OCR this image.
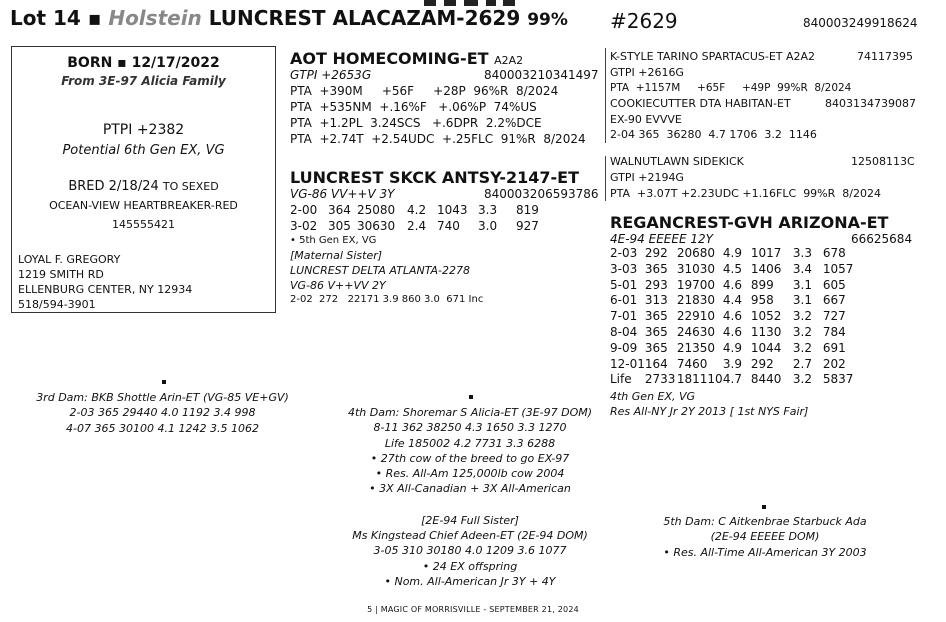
Lot 14 ▪ Holstein LUNCREST ALACAZAM-2629 99% #2629	840003249918624
BORN ▪ 12/17/2022
From 3E-97 Alicia Family
PTPI +2382
Potential 6th Gen EX, VG
BRED 2/18/24 TO SEXED
OCEAN-VIEW HEARTBREAKER-RED
145555421
LOYAL F. GREGORY
1219 SMITH RD
ELLENBURG CENTER, NY 12934
518/594-3901
AOT HOMECOMING-ET A2A2
GTPI +2653G	840003210341497
PTA  +390M     +56F     +28P  96%R  8/2024
PTA  +535NM  +.16%F   +.06%P  74%US
PTA  +1.2PL  3.24SCS   +.6DPR  2.2%DCE
PTA  +2.74T  +2.54UDC  +.25FLC  91%R  8/2024
LUNCREST SKCK ANTSY-2147-ET
VG-86 VV++V 3Y	840003206593786
2-00 364 25080 4.2 1043 3.3 819
3-02 305 30630 2.4 740 3.0 927
• 5th Gen EX, VG
[Maternal Sister]
LUNCREST DELTA ATLANTA-2278
VG-86 V++VV 2Y
2-02  272   22171 3.9 860 3.0  671 Inc
K-STYLE TARINO SPARTACUS-ET A2A2	74117395
GTPI +2616G
PTA  +1157M     +65F     +49P  99%R  8/2024
COOKIECUTTER DTA HABITAN-ET	840313473908​7
EX-90 EVVVE
2-04 365  36280  4.7 1706  3.2  1146
WALNUTLAWN SIDEKICK	12508113C
GTPI +2194G
PTA  +3.07T +2.23UDC +1.16FLC  99%R  8/2024
REGANCREST-GVH ARIZONA-ET
4E-94 EEEEE 12Y	66625684
2-03	292	20680	4.9	1017	3.3	678
3-03	365	31030	4.5	1406	3.4	1057
5-01	293	19700	4.6	899	3.1	605
6-01	313	21830	4.4	958	3.1	667
7-01	365	22910	4.6	1052	3.2	727
8-04	365	24630	4.6	1130	3.2	784
9-09	365	21350	4.9	1044	3.2	691
12-01	164	7460	3.9	292	2.7	202
Life	2733	181110	4.7	8440	3.2	5837
4th Gen EX, VG
Res All-NY Jr 2Y 2013 [ 1st NYS Fair]
3rd Dam: BKB Shottle Arin-ET (VG-85 VE+GV)
2-03 365 29440 4.0 1192 3.4 998
4-07 365 30100 4.1 1242 3.5 1062
4th Dam: Shoremar S Alicia-ET (3E-97 DOM)
8-11 362 38250 4.3 1650 3.3 1270
Life 185002 4.2 7731 3.3 6288
• 27th cow of the breed to go EX-97
• Res. All-Am 125,000lb cow 2004
• 3X All-Canadian + 3X All-American
[2E-94 Full Sister]
Ms Kingstead Chief Adeen-ET (2E-94 DOM)
3-05 310 30180 4.0 1209 3.6 1077
• 24 EX offspring
• Nom. All-American Jr 3Y + 4Y
5th Dam: C Aitkenbrae Starbuck Ada
(2E-94 EEEEE DOM)
• Res. All-Time All-American 3Y 2003
5 | MAGIC OF MORRISVILLE - SEPTEMBER 21, 2024
